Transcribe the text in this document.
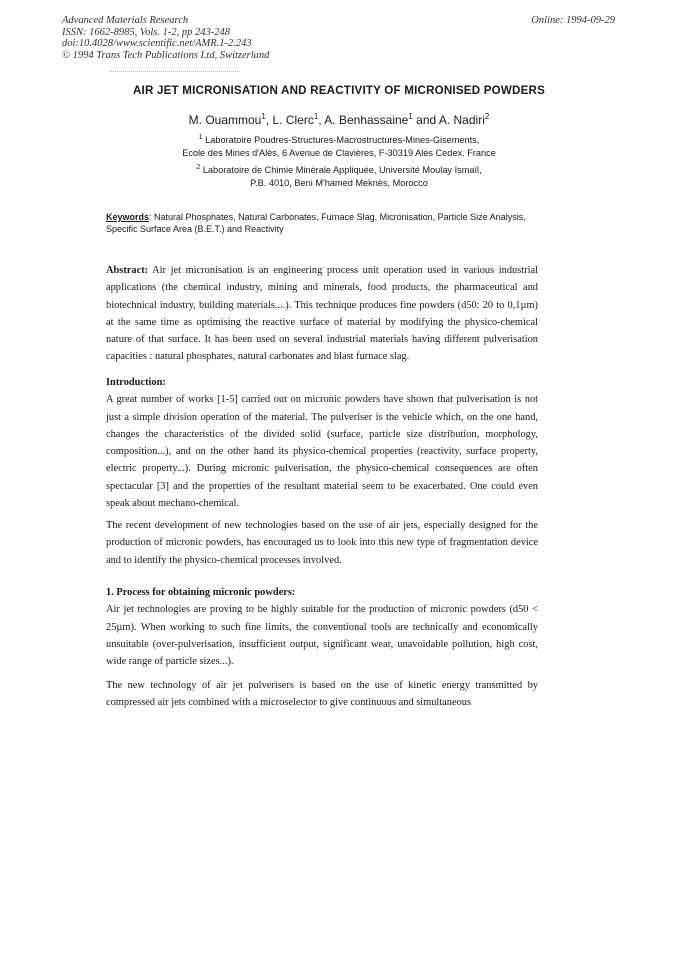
Advanced Materials Research
ISSN: 1662-8985, Vols. 1-2, pp 243-248
doi:10.4028/www.scientific.net/AMR.1-2.243
© 1994 Trans Tech Publications Ltd, Switzerland
Online: 1994-09-29
AIR JET MICRONISATION AND REACTIVITY OF MICRONISED POWDERS
M. Ouammou$^1$, L. Clerc$^1$, A. Benhassaine$^1$ and A. Nadiri$^2$
$^1$ Laboratoire Poudres-Structures-Macrostructures-Mines-Gisements,
Ecole des Mines d'Alès, 6 Avenue de Clavières, F-30319 Alès Cedex. France
$^2$ Laboratoire de Chimie Minérale Appliquée, Université Moulay Ismaïl,
P.B. 4010, Beni M'hamed Meknès, Morocco
Keywords: Natural Phosphates, Natural Carbonates, Furnace Slag, Micronisation, Particle Size Analysis, Specific Surface Area (B.E.T.) and Reactivity
Abstract: Air jet micronisation is an engineering process unit operation used in various industrial applications (the chemical industry, mining and minerals, food products, the pharmaceutical and biotechnical industry, building materials....). This technique produces fine powders (d50: 20 to 0,1µm) at the same time as optimising the reactive surface of material by modifying the physico-chemical nature of that surface. It has been used on several industrial materials having different pulverisation capacities : natural phosphates, natural carbonates and blast furnace slag.
Introduction:
A great number of works [1-5] carried out on micronic powders have shown that pulverisation is not just a simple division operation of the material. The pulveriser is the vehicle which, on the one hand, changes the characteristics of the divided solid (surface, particle size distribution, morphology, composition...), and on the other hand its physico-chemical properties (reactivity, surface property, electric property...). During micronic pulverisation, the physico-chemical consequences are often spectacular [3] and the properties of the resultant material seem to be exacerbated. One could even speak about mechano-chemical.
The recent development of new technologies based on the use of air jets, especially designed for the production of micronic powders, has encouraged us to look into this new type of fragmentation device and to identify the physico-chemical processes involved.
1. Process for obtaining micronic powders:
Air jet technologies are proving to be highly suitable for the production of micronic powders (d50 < 25µm). When working to such fine limits, the conventional tools are technically and economically unsuitable (over-pulverisation, insufficient output, significant wear, unavoidable pollution, high cost, wide range of particle sizes...).
The new technology of air jet pulverisers is based on the use of kinetic energy transmitted by compressed air jets combined with a microselector to give continuous and simultaneous
